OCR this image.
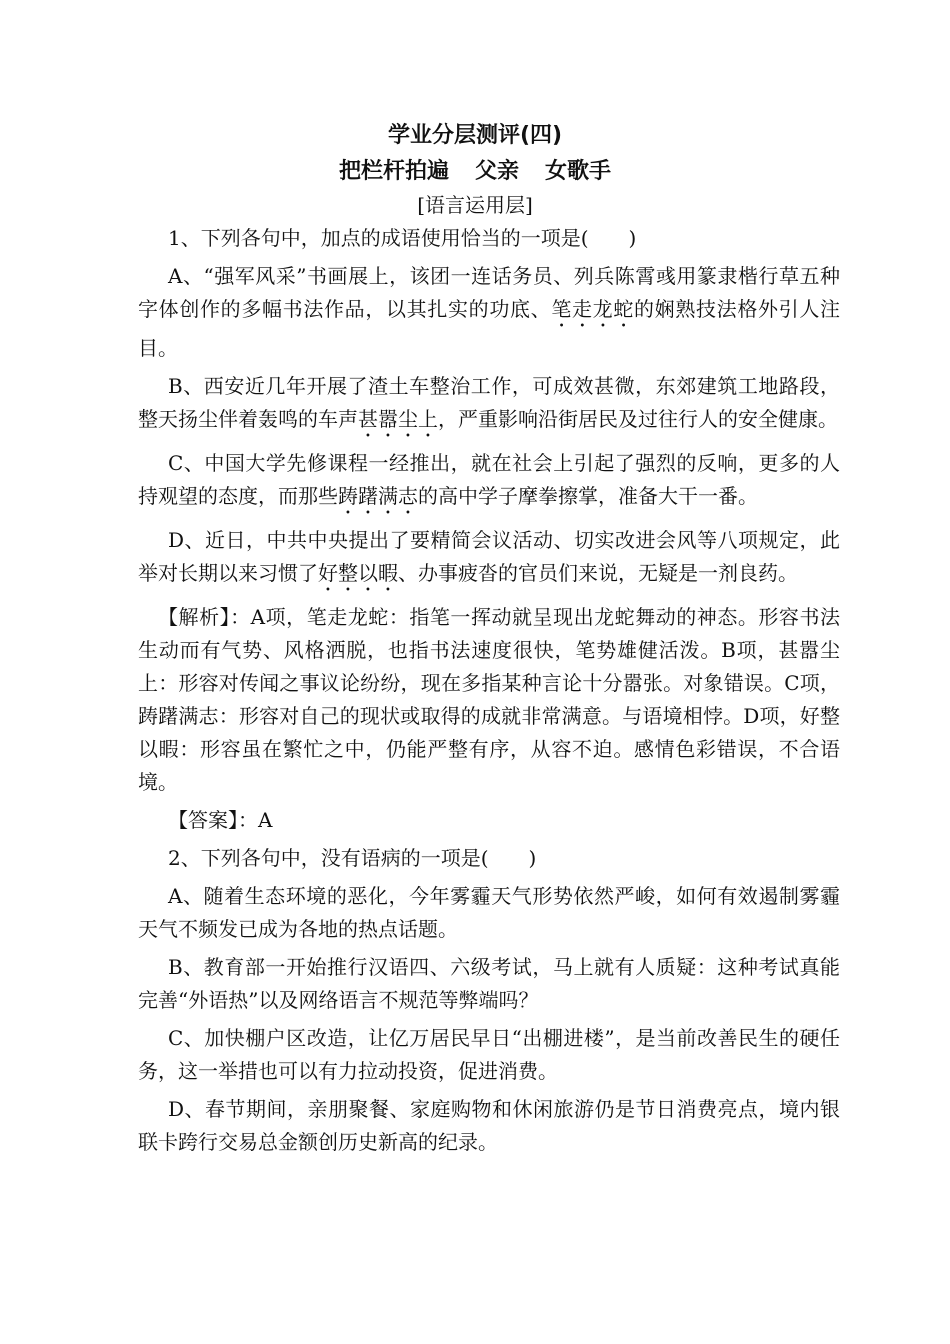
学业分层测评(四)
把栏杆拍遍 父亲 女歌手
[语言运用层]

1、下列各句中，加点的成语使用恰当的一项是( )

A、“强军风采”书画展上，该团一连话务员、列兵陈霄彧用篆隶楷行草五种字体创作的多幅书法作品，以其扎实的功底、笔走龙蛇的娴熟技法格外引人注目。

B、西安近几年开展了渣土车整治工作，可成效甚微，东郊建筑工地路段，整天扬尘伴着轰鸣的车声甚嚣尘上，严重影响沿街居民及过往行人的安全健康。

C、中国大学先修课程一经推出，就在社会上引起了强烈的反响，更多的人持观望的态度，而那些踌躇满志的高中学子摩拳擦掌，准备大干一番。

D、近日，中共中央提出了要精简会议活动、切实改进会风等八项规定，此举对长期以来习惯了好整以暇、办事疲沓的官员们来说，无疑是一剂良药。

【解析】：A项，笔走龙蛇：指笔一挥动就呈现出龙蛇舞动的神态。形容书法生动而有气势、风格洒脱，也指书法速度很快，笔势雄健活泼。B项，甚嚣尘上：形容对传闻之事议论纷纷，现在多指某种言论十分嚣张。对象错误。C项，踌躇满志：形容对自己的现状或取得的成就非常满意。与语境相悖。D项，好整以暇：形容虽在繁忙之中，仍能严整有序，从容不迫。感情色彩错误，不合语境。

【答案】：A

2、下列各句中，没有语病的一项是( )

A、随着生态环境的恶化，今年雾霾天气形势依然严峻，如何有效遏制雾霾天气不频发已成为各地的热点话题。

B、教育部一开始推行汉语四、六级考试，马上就有人质疑：这种考试真能完善“外语热”以及网络语言不规范等弊端吗？

C、加快棚户区改造，让亿万居民早日“出棚进楼”，是当前改善民生的硬任务，这一举措也可以有力拉动投资，促进消费。

D、春节期间，亲朋聚餐、家庭购物和休闲旅游仍是节日消费亮点，境内银联卡跨行交易总金额创历史新高的纪录。
